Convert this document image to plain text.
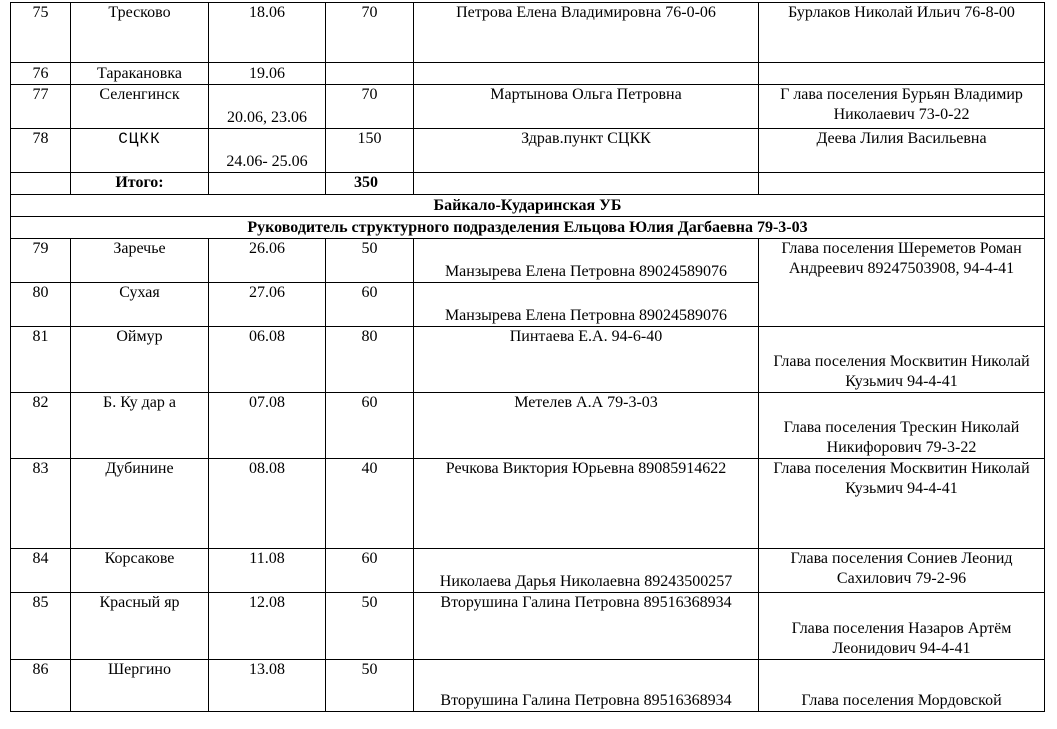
75	Тресково	18.06	70	Петрова Елена Владимировна 76-0-06	Бурлаков Николай Ильич 76-8-00
76	Таракановка	19.06			
77	Селенгинск	20.06, 23.06	70	Мартынова Ольга Петровна	Г лава поселения Бурьян Владимир Николаевич 73-0-22
78	СЦКК	24.06- 25.06	150	Здрав.пункт СЦКК	Деева Лилия Васильевна
	Итого:		350		
Байкало-Кударинская УБ					
Руководитель структурного подразделения Ельцова Юлия Дагбаевна 79-3-03					
79	Заречье	26.06	50	Манзырева Елена Петровна 89024589076	Глава поселения Шереметов Роман Андреевич 89247503908, 94-4-41
80	Сухая	27.06	60	Манзырева Елена Петровна 89024589076	
81	Оймур	06.08	80	Пинтаева Е.А. 94-6-40	Глава поселения Москвитин Николай Кузьмич 94-4-41
82	Б. Ку дар а	07.08	60	Метелев А.А 79-3-03	Глава поселения Трескин Николай Никифорович 79-3-22
83	Дубинине	08.08	40	Речкова Виктория Юрьевна 89085914622	Глава поселения Москвитин Николай Кузьмич 94-4-41
84	Корсакове	11.08	60	Николаева Дарья Николаевна 89243500257	Глава поселения Сониев Леонид Сахилович 79-2-96
85	Красный яр	12.08	50	Вторушина Галина Петровна 89516368934	Глава поселения Назаров Артём Леонидович 94-4-41
86	Шергино	13.08	50	Вторушина Галина Петровна 89516368934	Глава поселения Мордовской
